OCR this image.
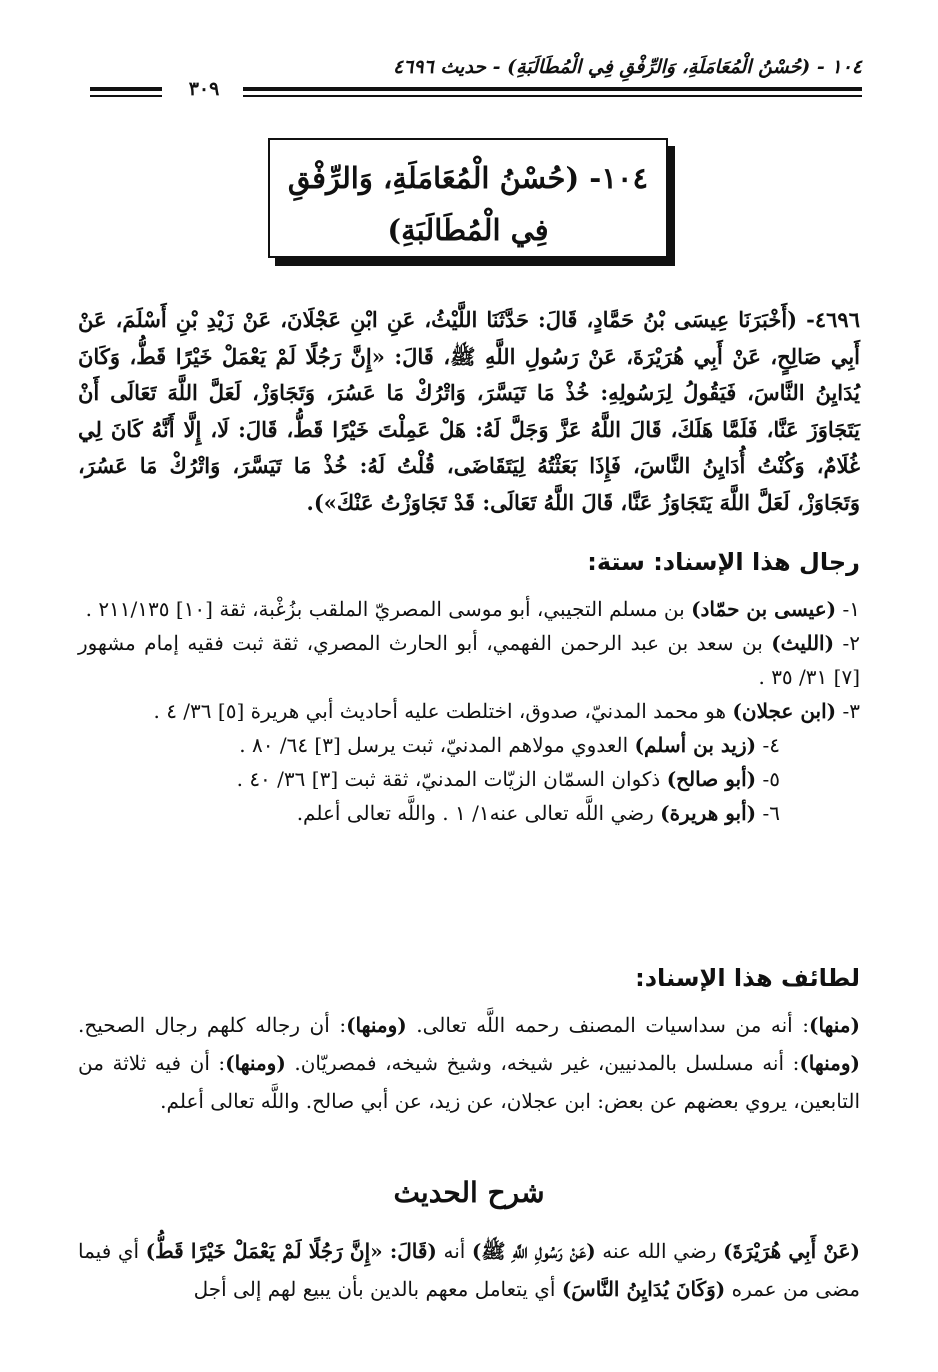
١٠٤ - (حُسْنُ الْمُعَامَلَةِ، وَالرِّفْقِ فِي الْمُطَالَبَةِ) - حديث ٤٦٩٦
٣٠٩
١٠٤- (حُسْنُ الْمُعَامَلَةِ، وَالرِّفْقِ فِي الْمُطَالَبَةِ)
٤٦٩٦- (أَخْبَرَنَا عِيسَى بْنُ حَمَّادٍ، قَالَ: حَدَّثَنَا اللَّيْثُ، عَنِ ابْنِ عَجْلَانَ، عَنْ زَيْدِ بْنِ أَسْلَمَ، عَنْ أَبِي صَالِحٍ، عَنْ أَبِي هُرَيْرَةَ، عَنْ رَسُولِ اللَّهِ ﷺ، قَالَ: «إِنَّ رَجُلًا لَمْ يَعْمَلْ خَيْرًا قَطُّ، وَكَانَ يُدَايِنُ النَّاسَ، فَيَقُولُ لِرَسُولِهِ: خُذْ مَا تَيَسَّرَ، وَاتْرُكْ مَا عَسُرَ، وَتَجَاوَزْ، لَعَلَّ اللَّهَ تَعَالَى أَنْ يَتَجَاوَزَ عَنَّا، فَلَمَّا هَلَكَ، قَالَ اللَّهُ عَزَّ وَجَلَّ لَهُ: هَلْ عَمِلْتَ خَيْرًا قَطُّ، قَالَ: لَا، إِلَّا أَنَّهُ كَانَ لِي غُلَامٌ، وَكُنْتُ أُدَايِنُ النَّاسَ، فَإِذَا بَعَثْتُهُ لِيَتَقَاضَى، قُلْتُ لَهُ: خُذْ مَا تَيَسَّرَ، وَاتْرُكْ مَا عَسُرَ، وَتَجَاوَزْ، لَعَلَّ اللَّهَ يَتَجَاوَزُ عَنَّا، قَالَ اللَّهُ تَعَالَى: قَدْ تَجَاوَزْتُ عَنْكَ»).
رجال هذا الإسناد: ستة:

١- (عيسى بن حمّاد) بن مسلم التجيبي، أبو موسى المصريّ الملقب بزُغْبة، ثقة [١٠] ٢١١/١٣٥ .

٢- (الليث) بن سعد بن عبد الرحمن الفهمي، أبو الحارث المصري، ثقة ثبت فقيه إمام مشهور [٧] ٣١/ ٣٥ .

٣- (ابن عجلان) هو محمد المدنيّ، صدوق، اختلطت عليه أحاديث أبي هريرة [٥] ٣٦/ ٤ .

٤- (زيد بن أسلم) العدوي مولاهم المدنيّ، ثبت يرسل [٣] ٦٤/ ٨٠ .

٥- (أبو صالح) ذكوان السمّان الزيّات المدنيّ، ثقة ثبت [٣] ٣٦/ ٤٠ .

٦- (أبو هريرة) رضي اللَّه تعالى عنه١/ ١ . واللَّه تعالى أعلم.

لطائف هذا الإسناد:
(منها): أنه من سداسيات المصنف رحمه اللَّه تعالى. (ومنها): أن رجاله كلهم رجال الصحيح. (ومنها): أنه مسلسل بالمدنيين، غير شيخه، وشيخ شيخه، فمصريّان. (ومنها): أن فيه ثلاثة من التابعين، يروي بعضهم عن بعض: ابن عجلان، عن زيد، عن أبي صالح. واللَّه تعالى أعلم.
شرح الحديث
(عَنْ أَبِي هُرَيْرَةَ) رضي الله عنه (عَنْ رَسُولِ اللَّهِ ﷺ) أنه (قَالَ: «إِنَّ رَجُلًا لَمْ يَعْمَلْ خَيْرًا قَطُّ) أي فيما مضى من عمره (وَكَانَ يُدَايِنُ النَّاسَ) أي يتعامل معهم بالدين بأن يبيع لهم إلى أجل
